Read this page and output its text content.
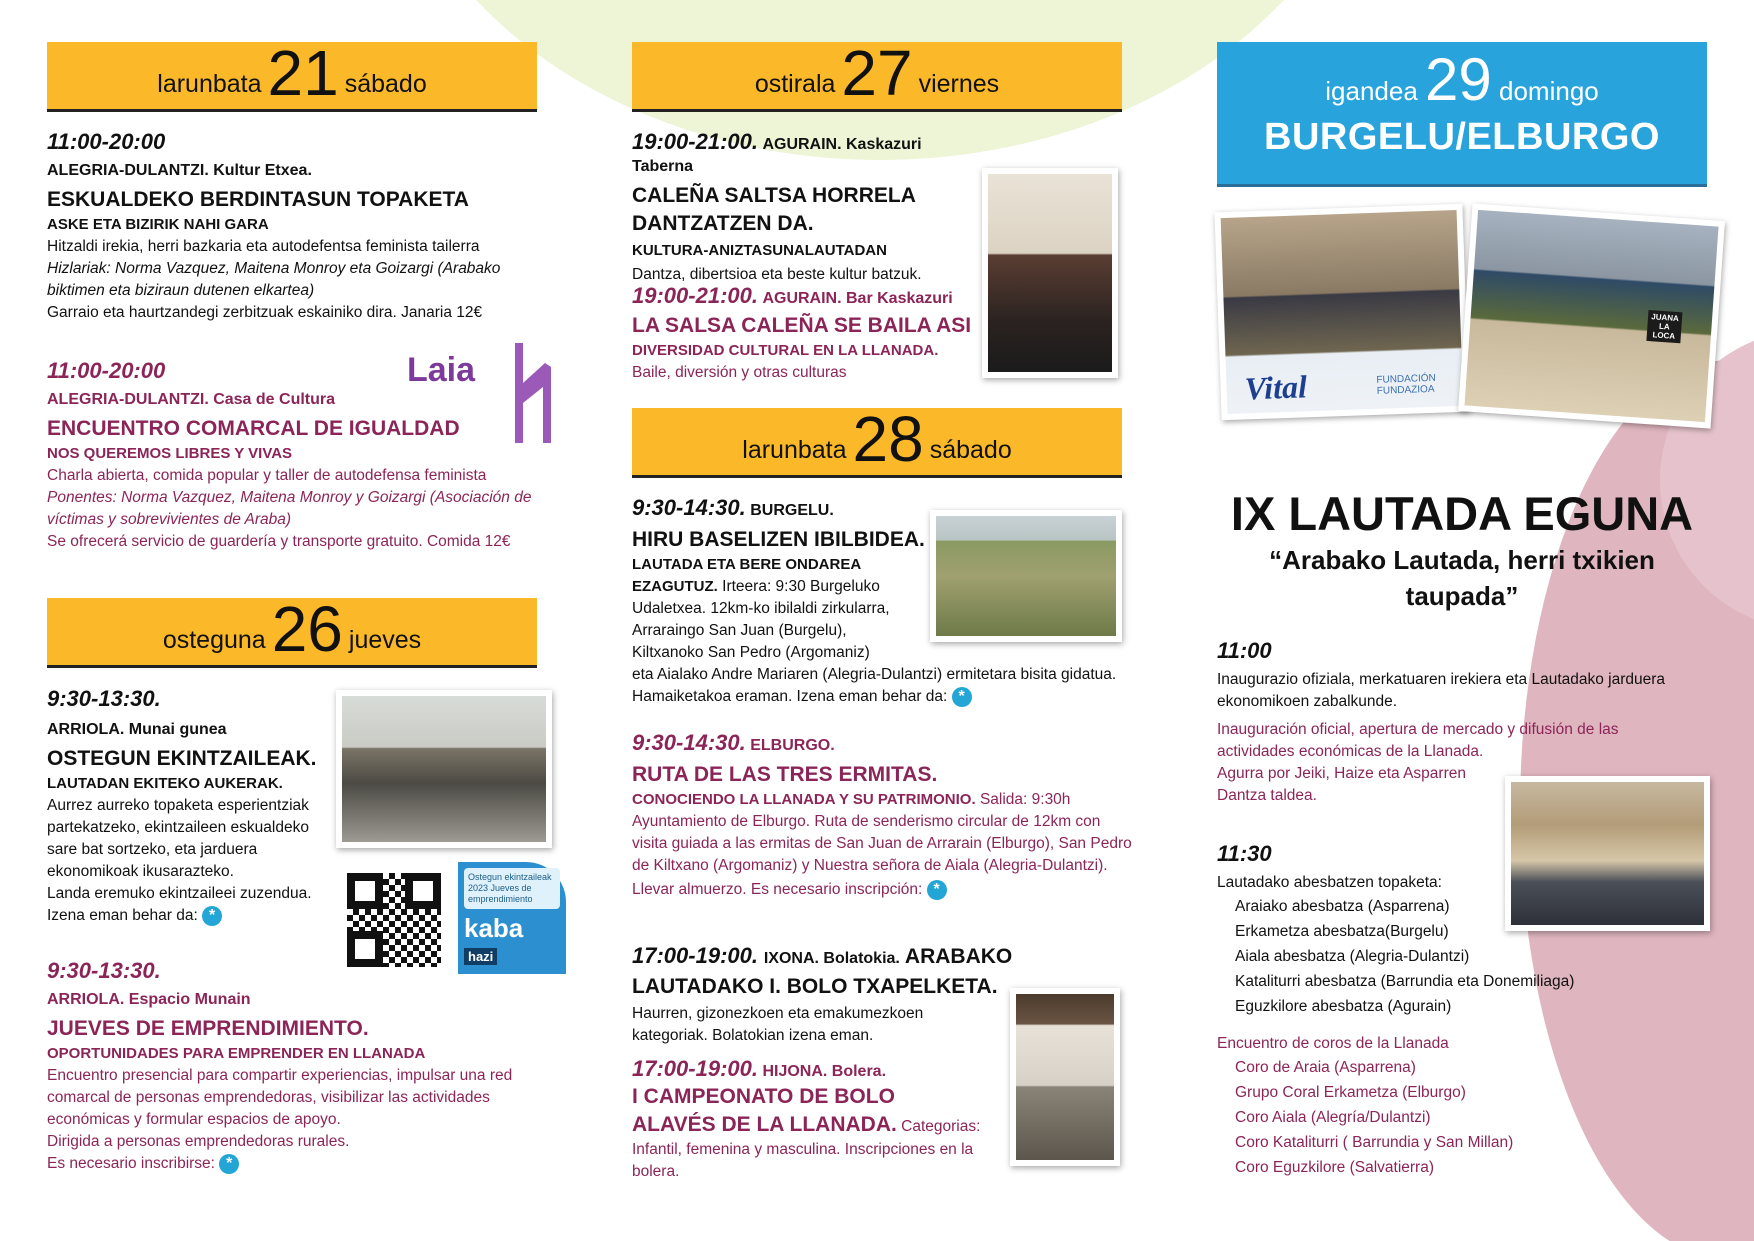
larunbata 21 sábado
11:00-20:00
ALEGRIA-DULANTZI. Kultur Etxea.
ESKUALDEKO BERDINTASUN TOPAKETA
ASKE ETA BIZIRIK NAHI GARA
Hitzaldi irekia, herri bazkaria eta autodefentsa feminista tailerra
Hizlariak: Norma Vazquez, Maitena Monroy eta Goizargi (Arabako biktimen eta biziraun dutenen elkartea)
Garraio eta haurtzandegi zerbitzuak eskainiko dira. Janaria 12€
Laia
11:00-20:00
ALEGRIA-DULANTZI. Casa de Cultura
ENCUENTRO COMARCAL DE IGUALDAD
NOS QUEREMOS LIBRES Y VIVAS
Charla abierta, comida popular y taller de autodefensa feminista
Ponentes: Norma Vazquez, Maitena Monroy y Goizargi (Asociación de víctimas y sobrevivientes de Araba)
Se ofrecerá servicio de guardería y transporte gratuito. Comida 12€
osteguna 26 jueves
9:30-13:30.
ARRIOLA. Munai gunea
OSTEGUN EKINTZAILEAK.
LAUTADAN EKITEKO AUKERAK.
Aurrez aurreko topaketa esperientziak partekatzeko, ekintzaileen eskualdeko sare bat sortzeko, eta jarduera ekonomikoak ikusarazteko.
Landa eremuko ekintzaileei zuzendua.
Izena eman behar da: *
Ostegun ekintzaileak 2023 Jueves de emprendimiento
kaba
hazi
9:30-13:30.
ARRIOLA. Espacio Munain
JUEVES DE EMPRENDIMIENTO.
OPORTUNIDADES PARA EMPRENDER EN LLANADA
Encuentro presencial para compartir experiencias, impulsar una red comarcal de personas emprendedoras, visibilizar las actividades económicas y formular espacios de apoyo.
Dirigida a personas emprendedoras rurales.
Es necesario inscribirse: *
ostirala 27 viernes
19:00-21:00. AGURAIN. Kaskazuri Taberna
CALEÑA SALTSA HORRELA DANTZATZEN DA.
KULTURA-ANIZTASUNALAUTADAN
Dantza, dibertsioa eta beste kultur batzuk.
19:00-21:00. AGURAIN. Bar Kaskazuri
LA SALSA CALEÑA SE BAILA ASI
DIVERSIDAD CULTURAL EN LA LLANADA.
Baile, diversión y otras culturas
larunbata 28 sábado
9:30-14:30. BURGELU.
HIRU BASELIZEN IBILBIDEA.
LAUTADA ETA BERE ONDAREA EZAGUTUZ. Irteera: 9:30 Burgeluko Udaletxea. 12km-ko ibilaldi zirkularra, Arraraingo San Juan (Burgelu), Kiltxanoko San Pedro (Argomaniz)
eta Aialako Andre Mariaren (Alegria-Dulantzi) ermitetara bisita gidatua. Hamaiketakoa eraman. Izena eman behar da: *
9:30-14:30. ELBURGO.
RUTA DE LAS TRES ERMITAS.
CONOCIENDO LA LLANADA Y SU PATRIMONIO. Salida: 9:30h Ayuntamiento de Elburgo. Ruta de senderismo circular de 12km con visita guiada a las ermitas de San Juan de Arrarain (Elburgo), San Pedro de Kiltxano (Argomaniz) y Nuestra señora de Aiala (Alegria-Dulantzi).
Llevar almuerzo. Es necesario inscripción: *
17:00-19:00. IXONA. Bolatokia. ARABAKO LAUTADAKO I. BOLO TXAPELKETA.
Haurren, gizonezkoen eta emakumezkoen kategoriak. Bolatokian izena eman.
17:00-19:00. HIJONA. Bolera.
I CAMPEONATO DE BOLO ALAVÉS DE LA LLANADA. Categorias: Infantil, femenina y masculina. Inscripciones en la bolera.
igandea 29 domingo
BURGELU/ELBURGO
Vital	FUNDACIÓN FUNDAZIOA
JUANA LA LOCA
IX LAUTADA EGUNA
“Arabako Lautada, herri txikien taupada”
11:00
Inaugurazio ofiziala, merkatuaren irekiera eta Lautadako jarduera ekonomikoen zabalkunde.
Inauguración oficial, apertura de mercado y difusión de las actividades económicas de la Llanada.
Agurra por Jeiki, Haize eta Asparren Dantza taldea.
11:30
Lautadako abesbatzen topaketa:
Araiako abesbatza (Asparrena)
Erkametza abesbatza(Burgelu)
Aiala abesbatza (Alegria-Dulantzi)
Kataliturri abesbatza (Barrundia eta Donemiliaga)
Eguzkilore abesbatza (Agurain)
Encuentro de coros de la Llanada
Coro de Araia (Asparrena)
Grupo Coral Erkametza (Elburgo)
Coro Aiala (Alegría/Dulantzi)
Coro Kataliturri ( Barrundia y San Millan)
Coro Eguzkilore (Salvatierra)
